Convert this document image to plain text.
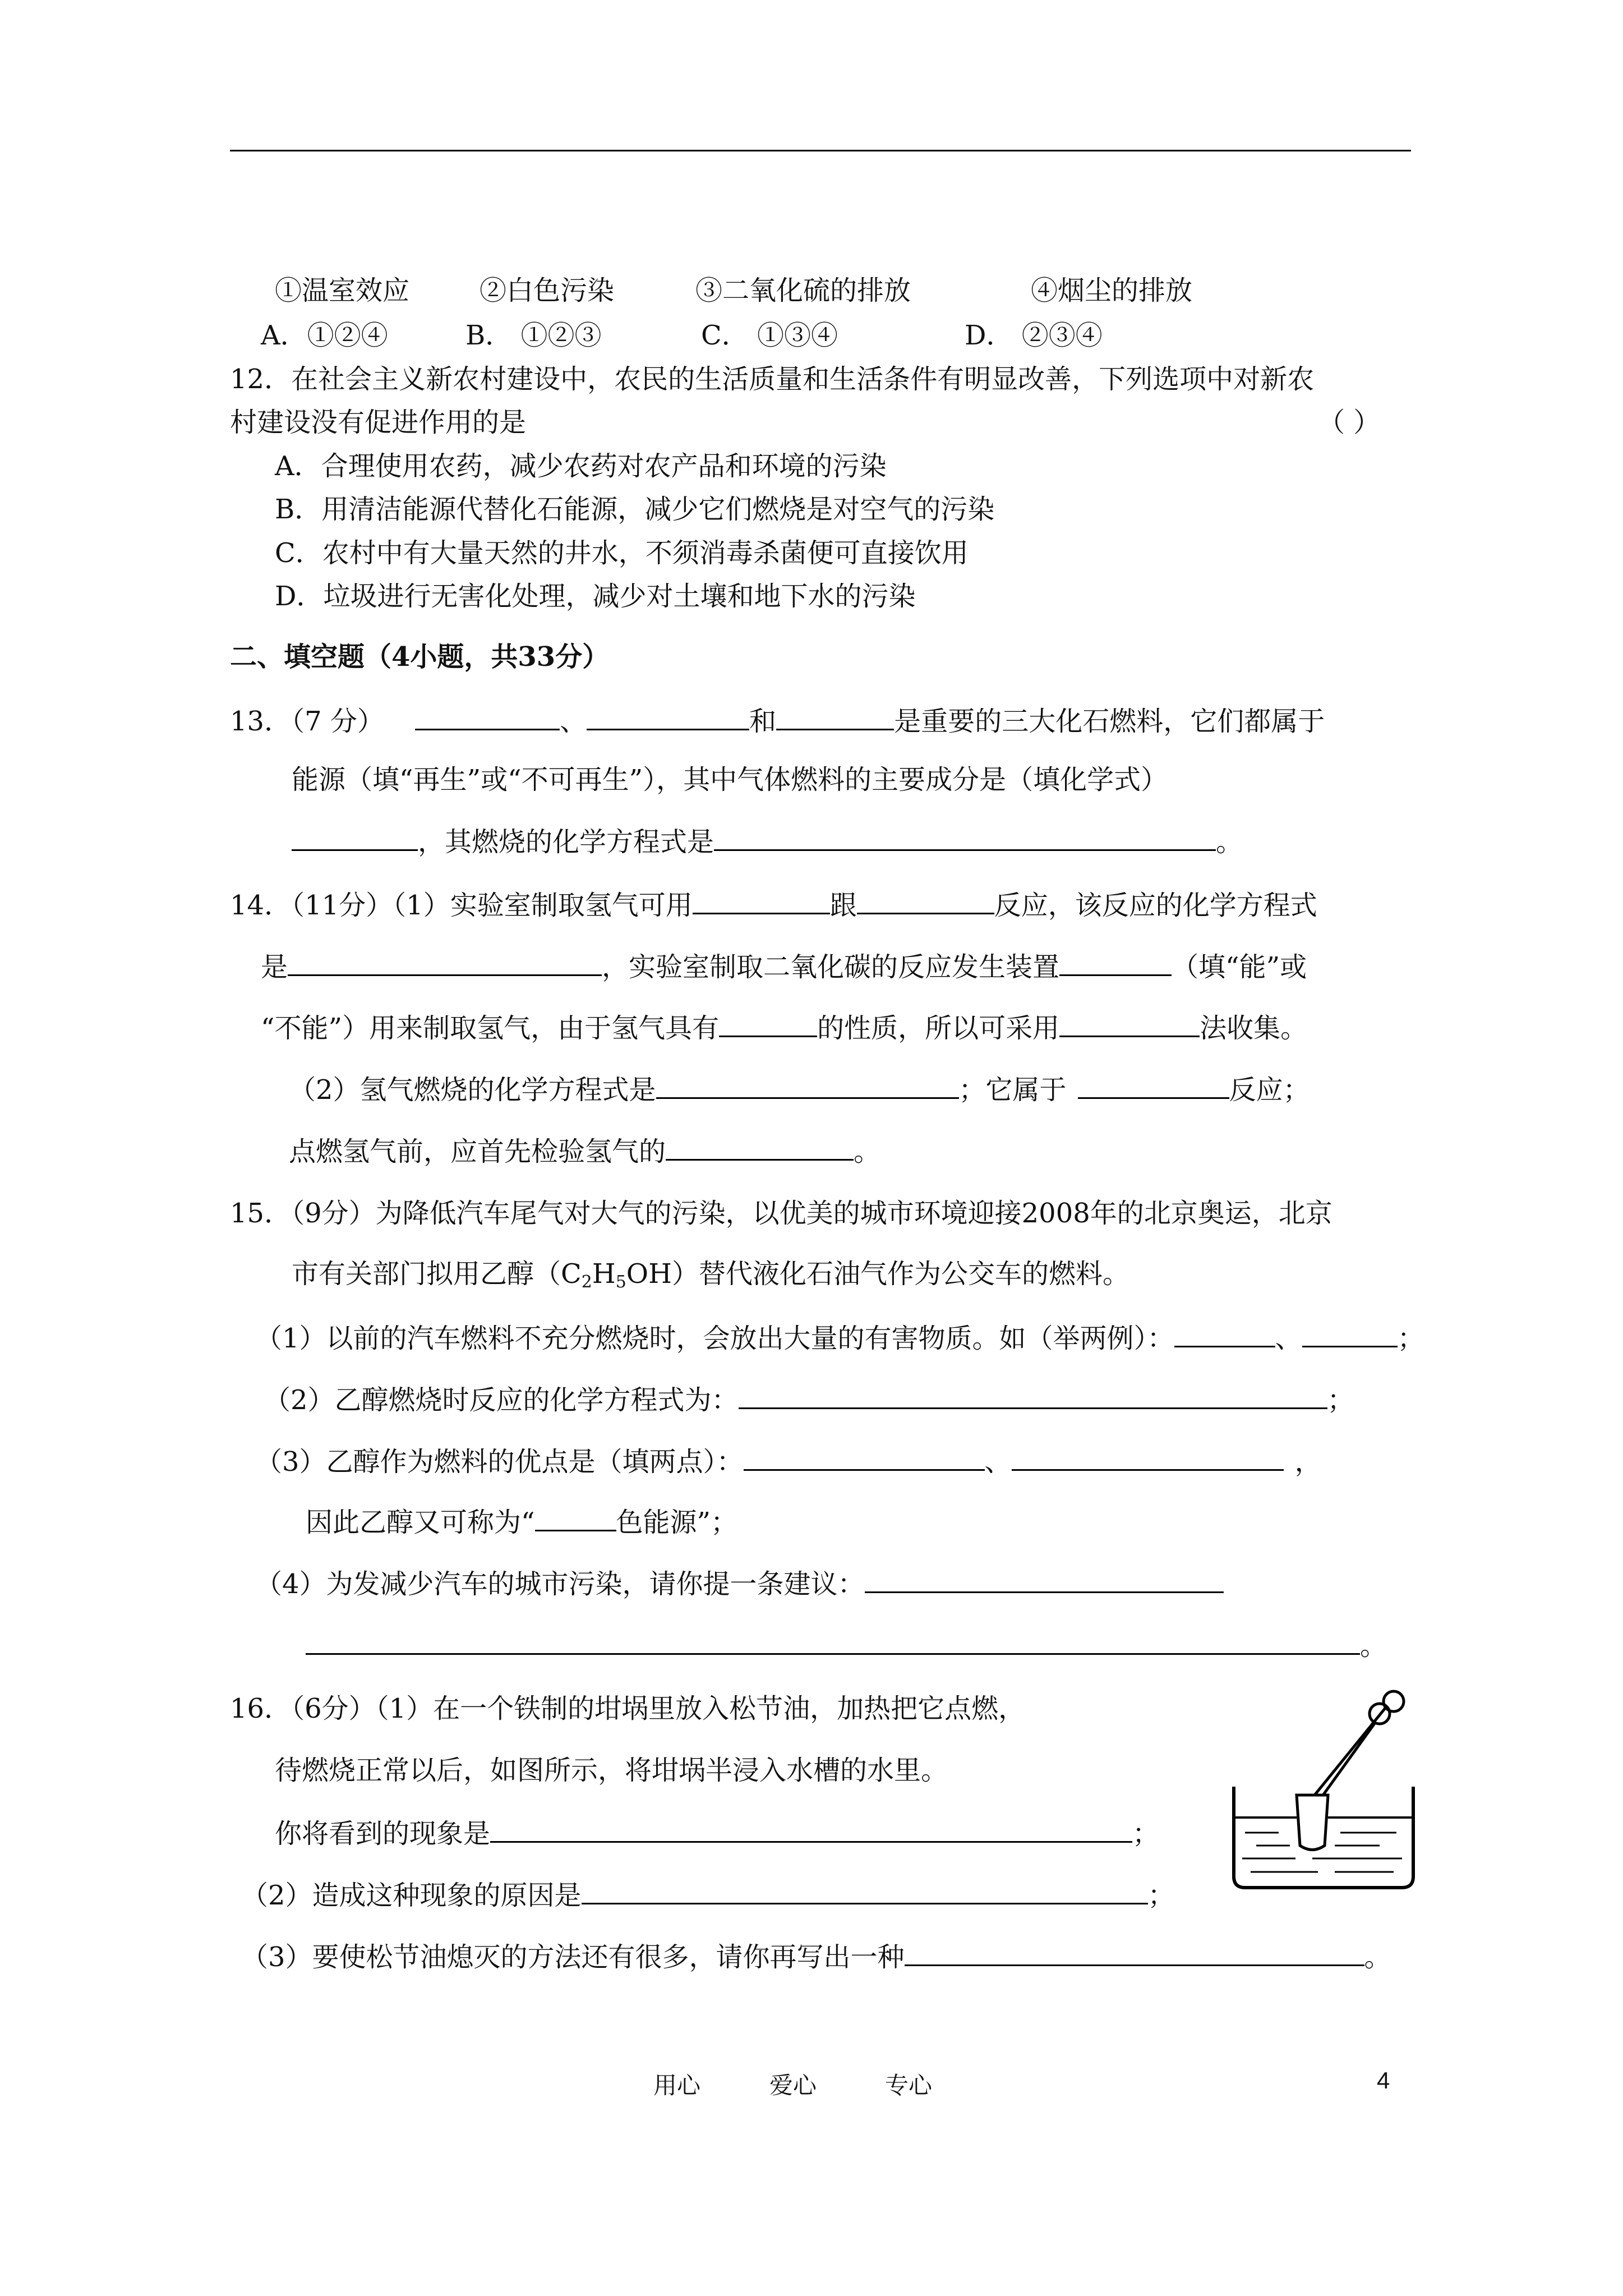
①温室效应	②白色污染	③二氧化硫的排放	④烟尘的排放
A．①②④	B． ①②③	C． ①③④	D． ②③④
12．在社会主义新农村建设中，农民的生活质量和生活条件有明显改善，下列选项中对新农
村建设没有促进作用的是	（ ）
A．合理使用农药，减少农药对农产品和环境的污染
B．用清洁能源代替化石能源，减少它们燃烧是对空气的污染
C．农村中有大量天然的井水，不须消毒杀菌便可直接饮用
D．垃圾进行无害化处理，减少对土壤和地下水的污染
二、填空题（4小题，共33分）
13．（7 分）	、	和	是重要的三大化石燃料，它们都属于
能源（填“再生”或“不可再生”），其中气体燃料的主要成分是（填化学式）
，其燃烧的化学方程式是	。
14．（11分）（1）实验室制取氢气可用	跟	反应，该反应的化学方程式
是	，实验室制取二氧化碳的反应发生装置	（填“能”或
“不能”）用来制取氢气，由于氢气具有	的性质，所以可采用	法收集。
（2）氢气燃烧的化学方程式是	；它属于	反应；
点燃氢气前，应首先检验氢气的	。
15．（9分）为降低汽车尾气对大气的污染，以优美的城市环境迎接2008年的北京奥运，北京
市有关部门拟用乙醇$(C_2H_5OH)$替代液化石油气作为公交车的燃料。
（1）以前的汽车燃料不充分燃烧时，会放出大量的有害物质。如（举两例）：	、	；
（2）乙醇燃烧时反应的化学方程式为：	；
（3）乙醇作为燃料的优点是（填两点）：	、	，
因此乙醇又可称为“	色能源”；
（4）为发减少汽车的城市污染，请你提一条建议：
。
16．（6分）（1）在一个铁制的坩埚里放入松节油，加热把它点燃，
待燃烧正常以后，如图所示，将坩埚半浸入水槽的水里。
你将看到的现象是	；
（2）造成这种现象的原因是	；
（3）要使松节油熄灭的方法还有很多，请你再写出一种	。
用心	爱心	专心	4
